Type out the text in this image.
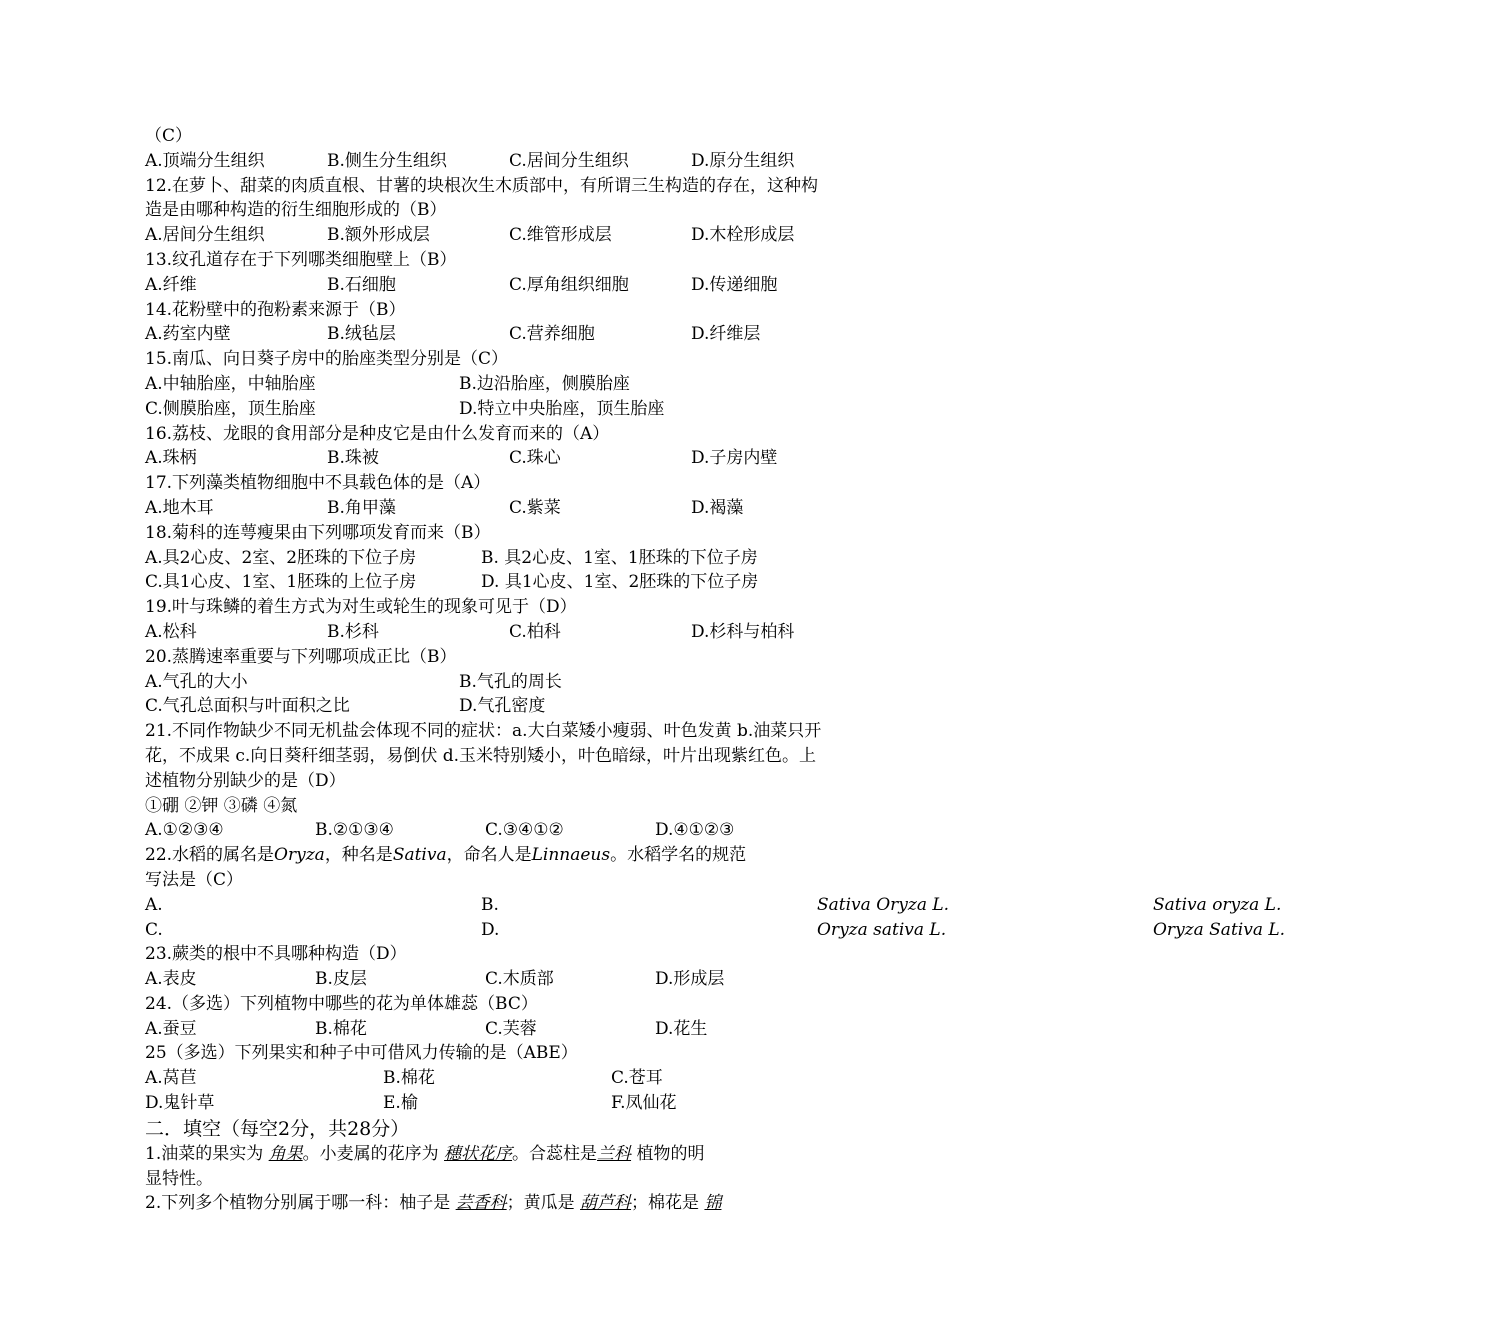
（C）
A.顶端分生组织	B.侧生分生组织	C.居间分生组织	D.原分生组织
12.在萝卜、甜菜的肉质直根、甘薯的块根次生木质部中，有所谓三生构造的存在，这种构造是由哪种构造的衍生细胞形成的（B）
A.居间分生组织	B.额外形成层	C.维管形成层	D.木栓形成层
13.纹孔道存在于下列哪类细胞壁上（B）
A.纤维	B.石细胞	C.厚角组织细胞	D.传递细胞
14.花粉壁中的孢粉素来源于（B）
A.药室内壁	B.绒毡层	C.营养细胞	D.纤维层
15.南瓜、向日葵子房中的胎座类型分别是（C）
A.中轴胎座，中轴胎座	B.边沿胎座，侧膜胎座
C.侧膜胎座，顶生胎座	D.特立中央胎座，顶生胎座
16.荔枝、龙眼的食用部分是种皮它是由什么发育而来的（A）
A.珠柄	B.珠被	C.珠心	D.子房内壁
17.下列藻类植物细胞中不具载色体的是（A）
A.地木耳	B.角甲藻	C.紫菜	D.褐藻
18.菊科的连萼瘦果由下列哪项发育而来（B）
A.具2心皮、2室、2胚珠的下位子房	B. 具2心皮、1室、1胚珠的下位子房
C.具1心皮、1室、1胚珠的上位子房	D. 具1心皮、1室、2胚珠的下位子房
19.叶与珠鳞的着生方式为对生或轮生的现象可见于（D）
A.松科	B.杉科	C.柏科	D.杉科与柏科
20.蒸腾速率重要与下列哪项成正比（B）
A.气孔的大小	B.气孔的周长
C.气孔总面积与叶面积之比	D.气孔密度
21.不同作物缺少不同无机盐会体现不同的症状：a.大白菜矮小瘦弱、叶色发黄 b.油菜只开花，不成果 c.向日葵秆细茎弱，易倒伏 d.玉米特别矮小，叶色暗绿，叶片出现紫红色。上述植物分别缺少的是（D）
①硼 ②钾 ③磷 ④氮
A.①②③④	B.②①③④	C.③④①②	D.④①②③
22.水稻的属名是Oryza，种名是Sativa，命名人是Linnaeus。水稻学名的规范
写法是（C）
A.	Sativa Oryza L.
B.	Sativa oryza L.
C.	Oryza sativa L.
D.	Oryza Sativa L.
23.蕨类的根中不具哪种构造（D）
A.表皮	B.皮层	C.木质部	D.形成层
24.（多选）下列植物中哪些的花为单体雄蕊（BC）
A.蚕豆	B.棉花	C.芙蓉	D.花生
25（多选）下列果实和种子中可借风力传输的是（ABE）
A.莴苣	B.棉花	C.苍耳
D.鬼针草	E.榆	F.凤仙花
二．填空（每空2分，共28分）
1.油菜的果实为 角果。小麦属的花序为 穗状花序。合蕊柱是兰科 植物的明
显特性。
2.下列多个植物分别属于哪一科：柚子是 芸香科；黄瓜是 葫芦科；棉花是 锦
